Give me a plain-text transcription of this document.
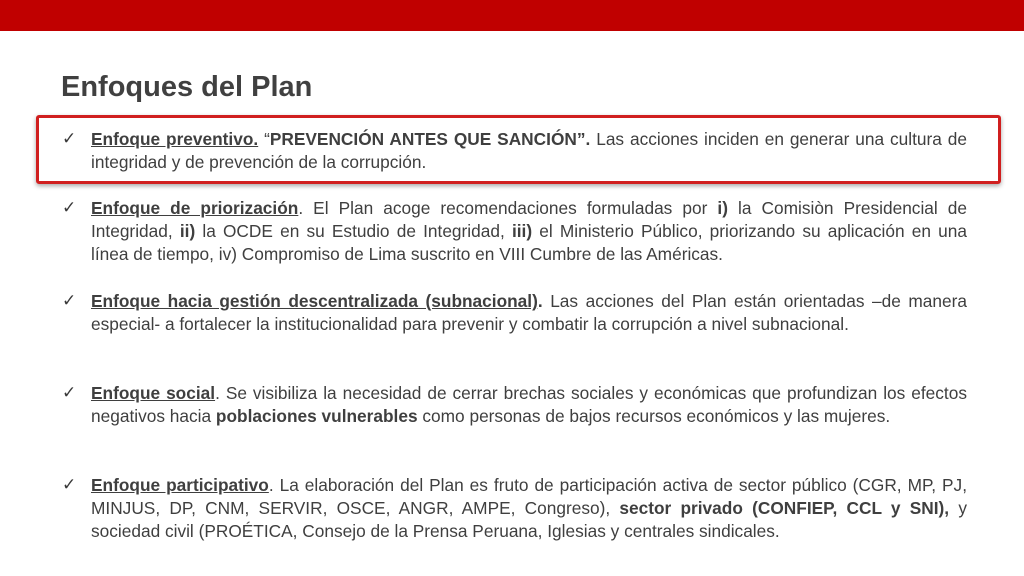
Enfoques del Plan
✓ Enfoque preventivo. “PREVENCIÓN ANTES QUE SANCIÓN”. Las acciones inciden en generar una cultura de integridad y de prevención de la corrupción.
✓ Enfoque de priorización. El Plan acoge recomendaciones formuladas por i) la Comisiòn Presidencial de Integridad, ii) la OCDE en su Estudio de Integridad, iii) el Ministerio Público, priorizando su aplicación en una línea de tiempo, iv) Compromiso de Lima suscrito en VIII Cumbre de las Américas.
✓ Enfoque hacia gestión descentralizada (subnacional). Las acciones del Plan están orientadas –de manera especial- a fortalecer la institucionalidad para prevenir y combatir la corrupción a nivel subnacional.
✓ Enfoque social. Se visibiliza la necesidad de cerrar brechas sociales y económicas que profundizan los efectos negativos hacia poblaciones vulnerables como personas de bajos recursos económicos y las mujeres.
✓ Enfoque participativo. La elaboración del Plan es fruto de participación activa de sector público (CGR, MP, PJ, MINJUS, DP, CNM, SERVIR, OSCE, ANGR, AMPE, Congreso), sector privado (CONFIEP, CCL y SNI), y sociedad civil (PROÉTICA, Consejo de la Prensa Peruana, Iglesias y centrales sindicales.
